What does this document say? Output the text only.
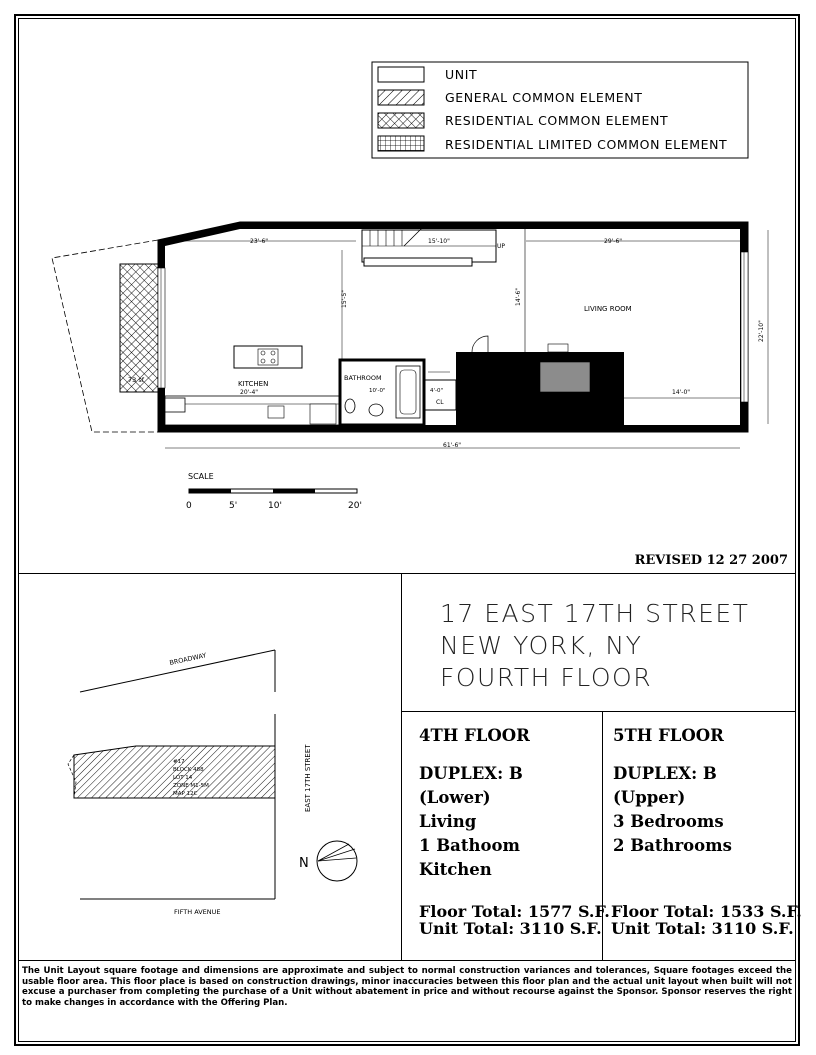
UNIT
GENERAL COMMON ELEMENT
RESIDENTIAL COMMON ELEMENT
RESIDENTIAL LIMITED COMMON ELEMENT
73 sf
UP
23'-6"	15'-10"	29'-6"
KITCHEN
20'-4"
15'-5"
BATHROOM
10'-0"	4'-0"
CL
ELEVATOR
DN
UP
LIVING ROOM
14'-6"
14'-0"
22'-10"
61'-6"
SCALE
0	5'	10'	20'
REVISED 12 27 2007
BROADWAY
FIFTH AVENUE
EAST 17TH STREET
#17
BLOCK 488
LOT 14
ZONE M1-5M
MAP 12C
N
17 EAST 17TH STREET
NEW YORK, NY
FOURTH FLOOR
4TH FLOOR
DUPLEX: B (Lower)
Living
1 Bathoom
Kitchen
Floor Total: 1577 S.F.
Unit Total: 3110 S.F.
5TH FLOOR
DUPLEX: B (Upper)
3 Bedrooms
2 Bathrooms
Floor Total: 1533 S.F.
Unit Total: 3110 S.F.
The Unit Layout square footage and dimensions are approximate and subject to normal construction variances and tolerances, Square footages exceed the usable floor area. This floor place is based on construction drawings, minor inaccuracies between this floor plan and the actual unit layout when built will not excuse a purchaser from completing the purchase of a Unit without abatement in price and without recourse against the Sponsor. Sponsor reserves the right to make changes in accordance with the Offering Plan.
